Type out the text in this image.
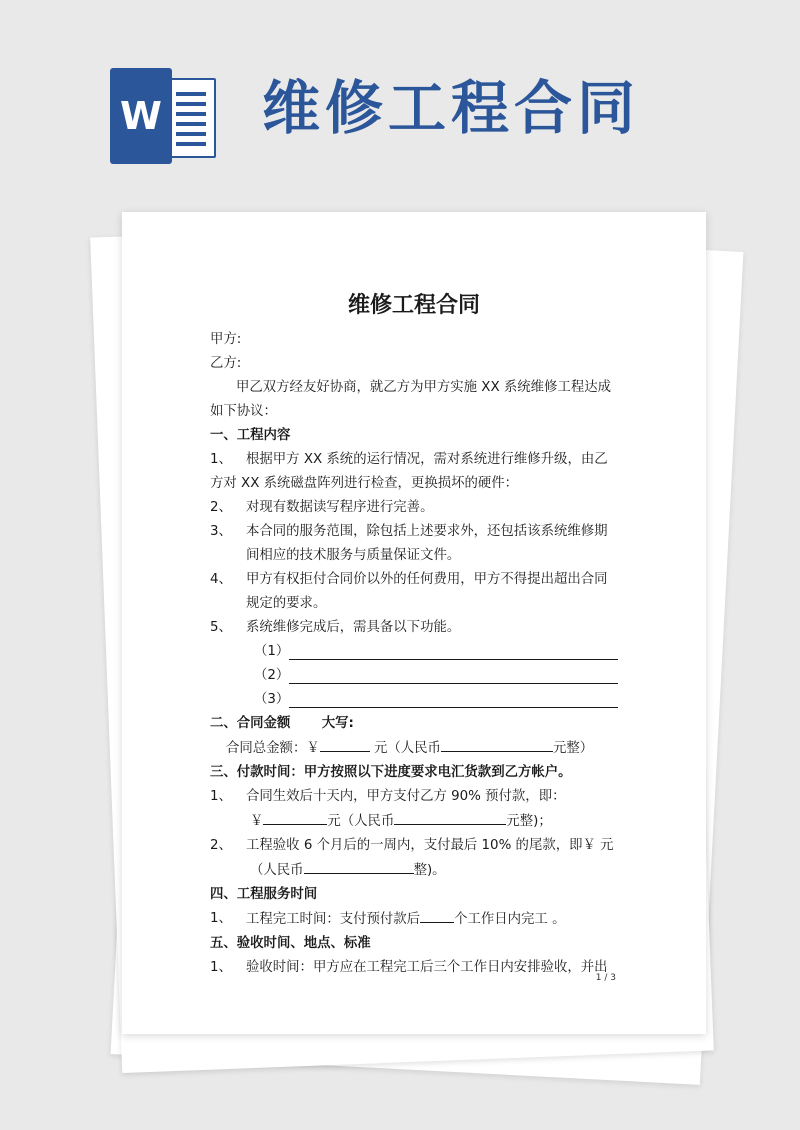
W 维修工程合同
维修工程合同
甲方:
乙方:
甲乙双方经友好协商，就乙方为甲方实施 XX 系统维修工程达成
如下协议：
一、工程内容
1、	根据甲方 XX 系统的运行情况，需对系统进行维修升级，由乙
方对 XX 系统磁盘阵列进行检查，更换损坏的硬件：
2、	对现有数据读写程序进行完善。
3、	本合同的服务范围，除包括上述要求外，还包括该系统维修期
间相应的技术服务与质量保证文件。
4、	甲方有权拒付合同价以外的任何费用，甲方不得提出超出合同
规定的要求。
5、	系统维修完成后，需具备以下功能。
（1）
（2）
（3）
二、合同金额 大写:
合同总金额：￥	元（人民币	元整）
三、付款时间：甲方按照以下进度要求电汇货款到乙方帐户。
1、	合同生效后十天内，甲方支付乙方 90% 预付款，即：
￥	元（人民币	元整)；
2、	工程验收 6 个月后的一周内，支付最后 10% 的尾款，即￥ 元
（人民币	整)。
四、工程服务时间
1、	工程完工时间：支付预付款后	个工作日内完工 。
五、验收时间、地点、标准
1、	验收时间：甲方应在工程完工后三个工作日内安排验收，并出
1 / 3
